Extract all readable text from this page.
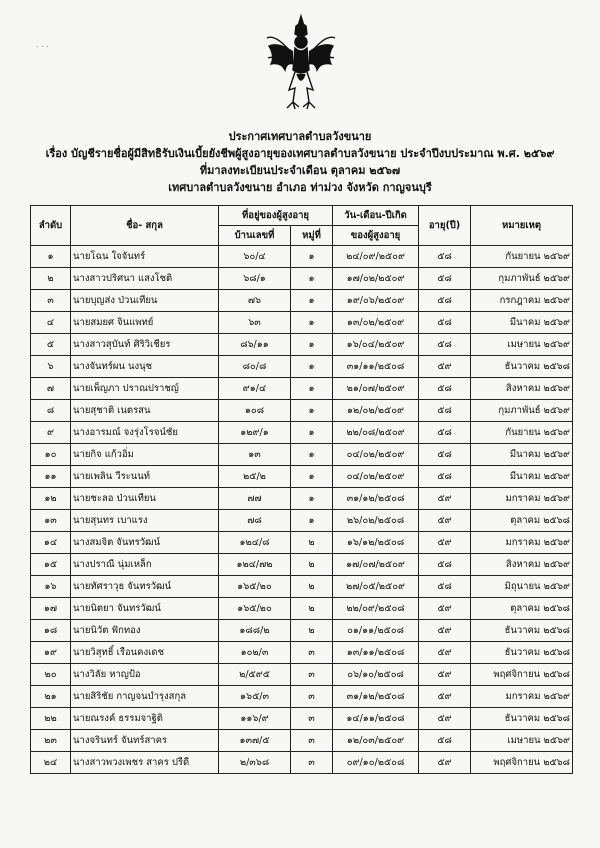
. . .
ประกาศเทศบาลตำบลวังขนาย
เรื่อง บัญชีรายชื่อผู้มีสิทธิรับเงินเบี้ยยังชีพผู้สูงอายุของเทศบาลตำบลวังขนาย ประจำปีงบประมาณ พ.ศ. ๒๕๖๙
ที่มาลงทะเบียนประจำเดือน ตุลาคม ๒๕๖๗
เทศบาลตำบลวังขนาย อำเภอ ท่าม่วง จังหวัด กาญจนบุรี
ลำดับ	ชื่อ- สกุล	ที่อยู่ของผู้สูงอายุ		วัน-เดือน-ปีเกิด	อายุ(ปี)	หมายเหตุ
		บ้านเลขที่	หมู่ที่	ของผู้สูงอายุ		
๑	นายโฉน ใจจันทร์	๖๐/๔	๑	๒๔/๐๙/๒๕๐๙	๕๘	กันยายน ๒๕๖๙
๒	นางสาวปริศนา แสงโชติ	๖๘/๑	๑	๑๗/๐๒/๒๕๐๙	๕๘	กุมภาพันธ์ ๒๕๖๙
๓	นายบุญส่ง ป่วนเทียน	๗๖	๑	๑๙/๐๖/๒๕๐๙	๕๘	กรกฎาคม ๒๕๖๙
๔	นายสมยศ จินแพทย์	๖๓	๑	๑๓/๐๒/๒๕๐๙	๕๘	มีนาคม ๒๕๖๙
๕	นางสาวสุบันท์ ศิริวิเชียร	๘๖/๑๑	๑	๑๖/๐๔/๒๕๐๙	๕๘	เมษายน ๒๕๖๙
๖	นางจันทร์ผน นงนุช	๘๐/๘	๑	๓๑/๑๑/๒๕๐๘	๕๙	ธันวาคม ๒๕๖๘
๗	นายเพ็ญภา ปราณปราชญ์	๙๑/๔	๑	๒๑/๐๗/๒๕๐๙	๕๘	สิงหาคม ๒๕๖๙
๘	นายสุชาติ เนตรสน	๑๐๘	๑	๑๒/๐๒/๒๕๐๙	๕๘	กุมภาพันธ์ ๒๕๖๙
๙	นางอารมณ์ จงรุ่งโรจน์ชัย	๑๒๙/๑	๑	๒๒/๐๘/๒๕๐๙	๕๘	กันยายน ๒๕๖๙
๑๐	นายกิจ แก้วอิ่ม	๑๓	๑	๐๔/๐๒/๒๕๐๙	๕๘	มีนาคม ๒๕๖๙
๑๑	นายเพลิน วีระนนท์	๒๕/๒	๑	๐๔/๐๒/๒๕๐๙	๕๘	มีนาคม ๒๕๖๙
๑๒	นายชะลอ ป่วนเทียน	๗๗	๑	๓๑/๑๒/๒๕๐๘	๕๙	มกราคม ๒๕๖๙
๑๓	นายสุนทร เบาแรง	๗๘	๑	๒๖/๐๒/๒๕๐๘	๕๙	ตุลาคม ๒๕๖๘
๑๔	นางสมจิต จันทรวัฒน์	๑๒๔/๘	๒	๑๖/๑๒/๒๕๐๘	๕๙	มกราคม ๒๕๖๙
๑๕	นางปราณี นุ่มเหล็ก	๑๒๔/๗๒	๒	๑๗/๐๗/๒๕๐๙	๕๘	สิงหาคม ๒๕๖๙
๑๖	นายทัศราวุธ จันทรวัฒน์	๑๖๕/๒๐	๒	๒๗/๐๕/๒๕๐๙	๕๘	มิถุนายน ๒๕๖๙
๑๗	นายนิตยา จันทรวัฒน์	๑๖๕/๒๐	๒	๒๒/๐๙/๒๕๐๘	๕๙	ตุลาคม ๒๕๖๘
๑๘	นายนิวัต ฟักทอง	๑๘๘/๒	๒	๐๑/๑๑/๒๕๐๘	๕๙	ธันวาคม ๒๕๖๘
๑๙	นายวิสุทธิ์ เรือนคงเดช	๑๐๒/๓	๓	๑๓/๑๑/๒๕๐๘	๕๙	ธันวาคม ๒๕๖๘
๒๐	นางวิลัย หาญป้อ	๒/๕๙๕	๓	๐๖/๑๐/๒๕๐๘	๕๙	พฤศจิกายน ๒๕๖๘
๒๑	นายสิริชัย กาญจนบำรุงสกุล	๑๖๕/๓	๓	๓๑/๑๒/๒๕๐๘	๕๙	มกราคม ๒๕๖๙
๒๒	นายณรงค์ ธรรมจาฐิติ	๑๑๖/๙	๓	๑๔/๑๑/๒๕๐๘	๕๙	ธันวาคม ๒๕๖๘
๒๓	นางจรินทร์ จันทร์สาคร	๑๓๗/๕	๓	๑๒/๐๓/๒๕๐๙	๕๘	เมษายน ๒๕๖๙
๒๔	นางสาวพวงเพชร สาคร ปรีดี	๒/๓๖๘	๓	๐๙/๑๐/๒๕๐๘	๕๙	พฤศจิกายน ๒๕๖๘
